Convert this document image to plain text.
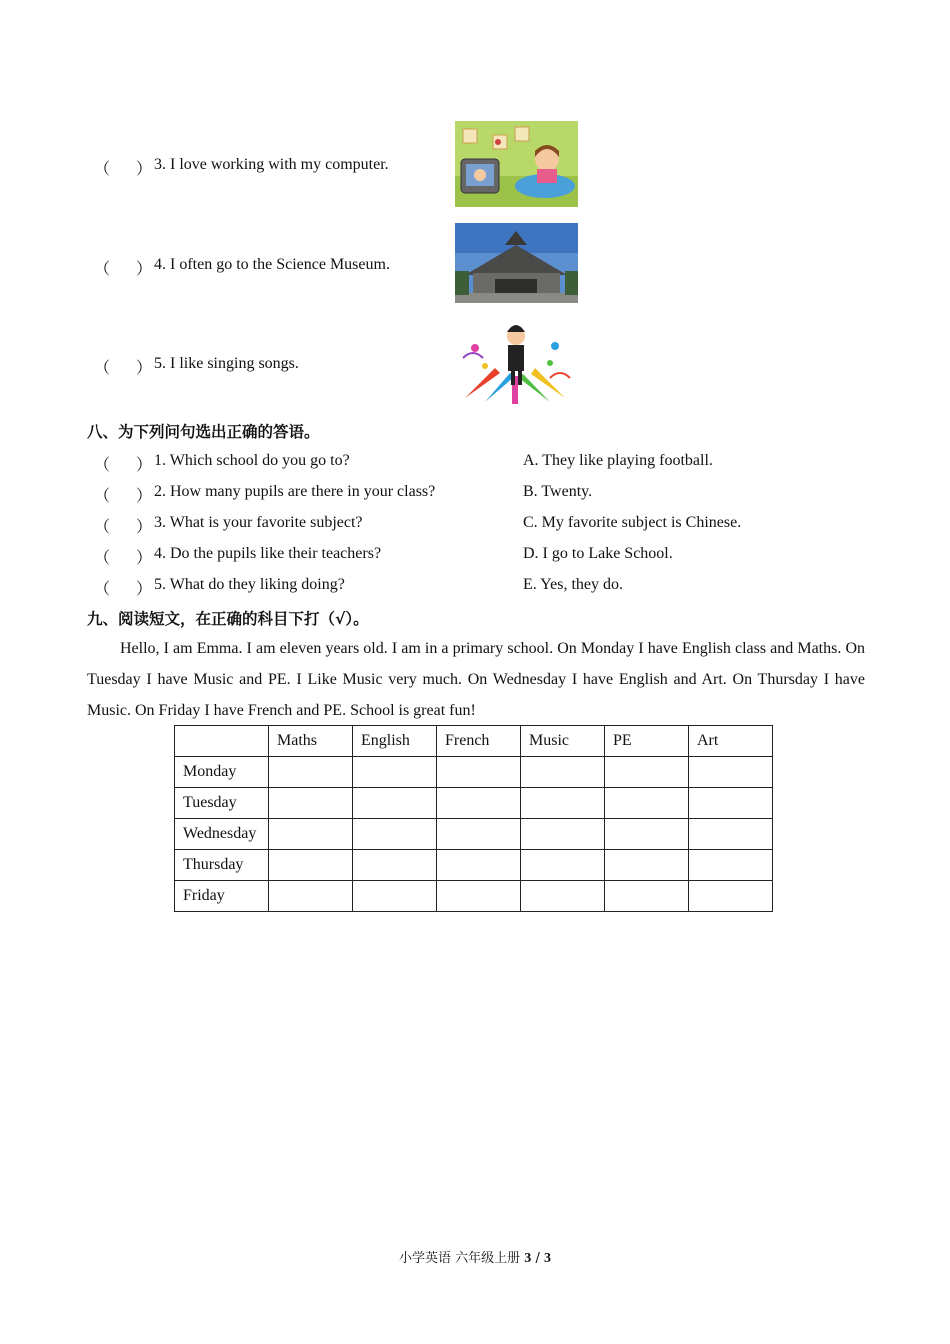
（ ） 3. I love working with my computer.
（ ） 4. I often go to the Science Museum.
（ ） 5. I like singing songs.
八、为下列问句选出正确的答语。
（ ） 1. Which school do you go to?	A. They like playing football.
（ ） 2. How many pupils are there in your class?	B. Twenty.
（ ） 3. What is your favorite subject?	C. My favorite subject is Chinese.
（ ） 4. Do the pupils like their teachers?	D. I go to Lake School.
（ ） 5. What do they liking doing?	E. Yes, they do.
九、阅读短文，在正确的科目下打（√）。

Hello, I am Emma. I am eleven years old. I am in a primary school. On Monday I have English class and Maths. On Tuesday I have Music and PE. I Like Music very much. On Wednesday I have English and Art. On Thursday I have Music. On Friday I have French and PE. School is great fun!

	Maths	English	French	Music	PE	Art
Monday						
Tuesday						
Wednesday						
Thursday						
Friday						
小学英语 六年级上册 3 / 3
